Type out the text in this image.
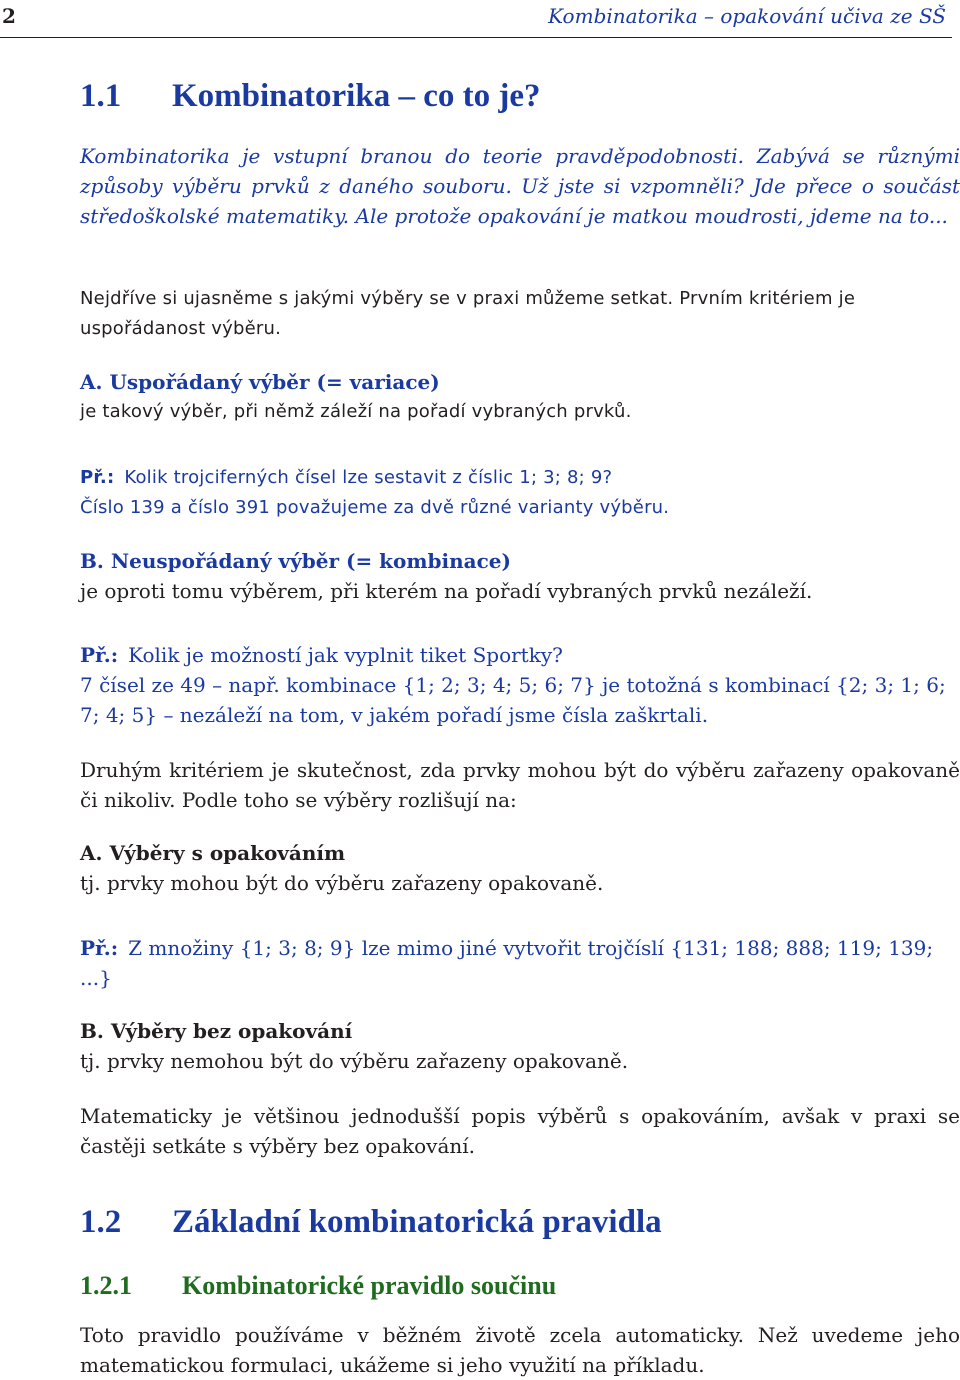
2	Kombinatorika – opakování učiva ze SŠ
1.1 Kombinatorika – co to je?
Kombinatorika je vstupní branou do teorie pravděpodobnosti. Zabývá se různými způsoby výběru prvků z daného souboru. Už jste si vzpomněli? Jde přece o součást středoškolské matematiky. Ale protože opakování je matkou moudrosti, jdeme na to...
Nejdříve si ujasněme s jakými výběry se v praxi můžeme setkat. Prvním kritériem je uspořádanost výběru.
A. Uspořádaný výběr (= variace)
je takový výběr, při němž záleží na pořadí vybraných prvků.
Př.: Kolik trojciferných čísel lze sestavit z číslic 1; 3; 8; 9?
Číslo 139 a číslo 391 považujeme za dvě různé varianty výběru.
B. Neuspořádaný výběr (= kombinace)
je oproti tomu výběrem, při kterém na pořadí vybraných prvků nezáleží.
Př.: Kolik je možností jak vyplnit tiket Sportky?
7 čísel ze 49 – např. kombinace {1; 2; 3; 4; 5; 6; 7} je totožná s kombinací {2; 3; 1; 6; 7; 4; 5} – nezáleží na tom, v jakém pořadí jsme čísla zaškrtali.
Druhým kritériem je skutečnost, zda prvky mohou být do výběru zařazeny opakovaně či nikoliv. Podle toho se výběry rozlišují na:
A. Výběry s opakováním
tj. prvky mohou být do výběru zařazeny opakovaně.
Př.: Z množiny {1; 3; 8; 9} lze mimo jiné vytvořit trojčíslí {131; 188; 888; 119; 139; ...}
B. Výběry bez opakování
tj. prvky nemohou být do výběru zařazeny opakovaně.
Matematicky je většinou jednodušší popis výběrů s opakováním, avšak v praxi se častěji setkáte s výběry bez opakování.
1.2 Základní kombinatorická pravidla
1.2.1 Kombinatorické pravidlo součinu
Toto pravidlo používáme v běžném životě zcela automaticky. Než uvedeme jeho matematickou formulaci, ukážeme si jeho využití na příkladu.
